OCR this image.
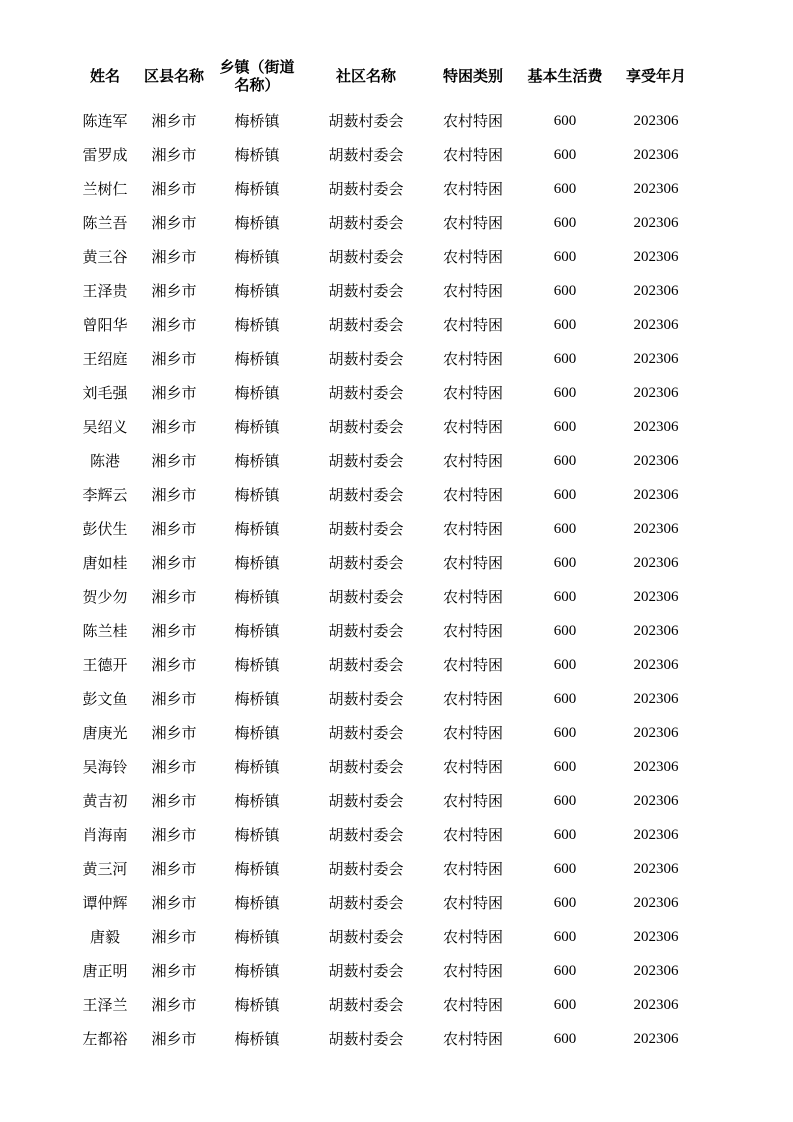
姓名	区县名称	乡镇（街道
名称）	社区名称	特困类别	基本生活费	享受年月
陈连军	湘乡市	梅桥镇	胡薮村委会	农村特困	600	202306
雷罗成	湘乡市	梅桥镇	胡薮村委会	农村特困	600	202306
兰树仁	湘乡市	梅桥镇	胡薮村委会	农村特困	600	202306
陈兰吾	湘乡市	梅桥镇	胡薮村委会	农村特困	600	202306
黄三谷	湘乡市	梅桥镇	胡薮村委会	农村特困	600	202306
王泽贵	湘乡市	梅桥镇	胡薮村委会	农村特困	600	202306
曾阳华	湘乡市	梅桥镇	胡薮村委会	农村特困	600	202306
王绍庭	湘乡市	梅桥镇	胡薮村委会	农村特困	600	202306
刘毛强	湘乡市	梅桥镇	胡薮村委会	农村特困	600	202306
吴绍义	湘乡市	梅桥镇	胡薮村委会	农村特困	600	202306
陈港	湘乡市	梅桥镇	胡薮村委会	农村特困	600	202306
李辉云	湘乡市	梅桥镇	胡薮村委会	农村特困	600	202306
彭伏生	湘乡市	梅桥镇	胡薮村委会	农村特困	600	202306
唐如桂	湘乡市	梅桥镇	胡薮村委会	农村特困	600	202306
贺少勿	湘乡市	梅桥镇	胡薮村委会	农村特困	600	202306
陈兰桂	湘乡市	梅桥镇	胡薮村委会	农村特困	600	202306
王德开	湘乡市	梅桥镇	胡薮村委会	农村特困	600	202306
彭文鱼	湘乡市	梅桥镇	胡薮村委会	农村特困	600	202306
唐庚光	湘乡市	梅桥镇	胡薮村委会	农村特困	600	202306
吴海铃	湘乡市	梅桥镇	胡薮村委会	农村特困	600	202306
黄吉初	湘乡市	梅桥镇	胡薮村委会	农村特困	600	202306
肖海南	湘乡市	梅桥镇	胡薮村委会	农村特困	600	202306
黄三河	湘乡市	梅桥镇	胡薮村委会	农村特困	600	202306
谭仲辉	湘乡市	梅桥镇	胡薮村委会	农村特困	600	202306
唐毅	湘乡市	梅桥镇	胡薮村委会	农村特困	600	202306
唐正明	湘乡市	梅桥镇	胡薮村委会	农村特困	600	202306
王泽兰	湘乡市	梅桥镇	胡薮村委会	农村特困	600	202306
左都裕	湘乡市	梅桥镇	胡薮村委会	农村特困	600	202306
